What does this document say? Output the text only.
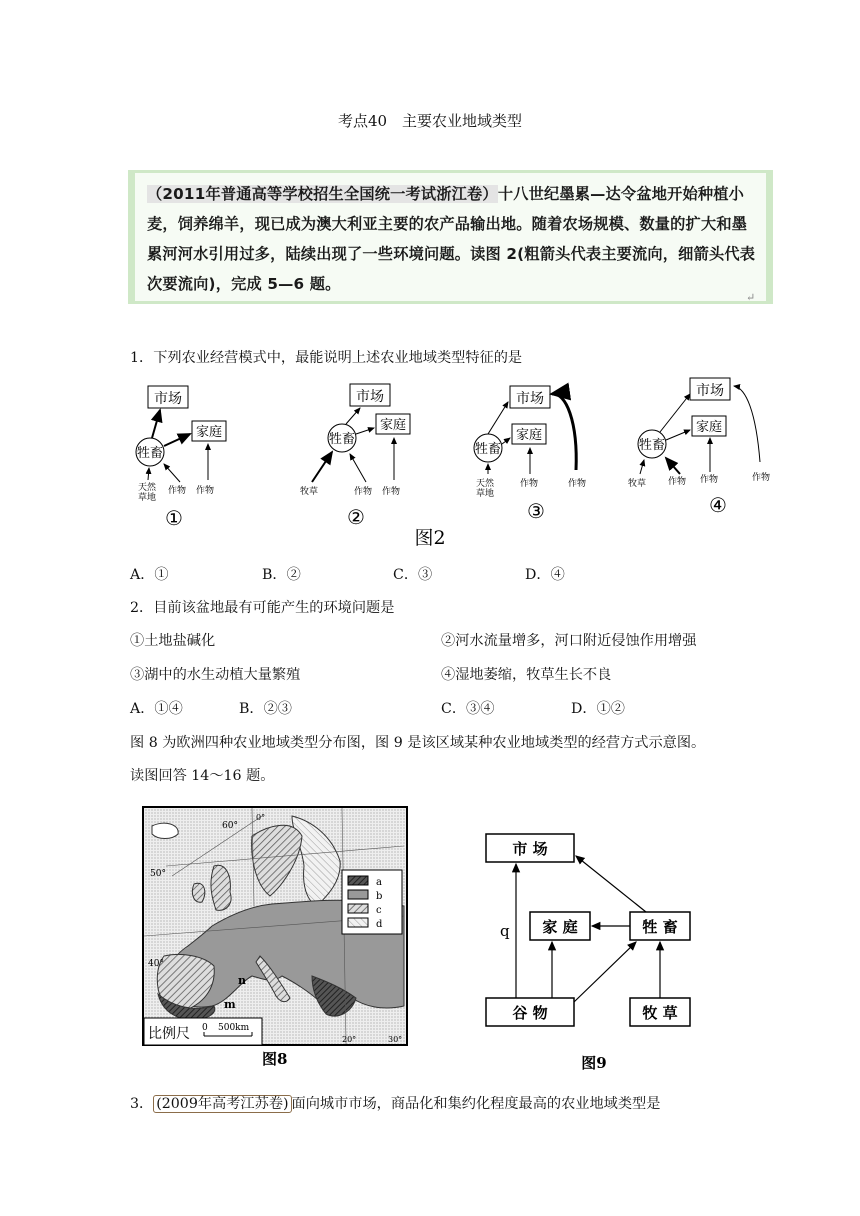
考点40　主要农业地域类型
（2011年普通高等学校招生全国统一考试浙江卷）十八世纪墨累—达令盆地开始种植小麦，饲养绵羊，现已成为澳大利亚主要的农产品输出地。随着农场规模、数量的扩大和墨累河河水引用过多，陆续出现了一些环境问题。读图 2(粗箭头代表主要流向，细箭头代表次要流向)，完成 5—6 题。
↵
1．下列农业经营模式中，最能说明上述农业地域类型特征的是
市场
家庭
牲畜
天然
草地
作物 作物
①
市场
家庭
牲畜
牧草	作物 作物
②
市场
家庭
牲畜
天然
草地
作物	作物
③
市场
家庭
牲畜
牧草 作物 作物	作物
④
图2
A．①	B．②	C．③	D．④
2．目前该盆地最有可能产生的环境问题是
①土地盐碱化	②河水流量增多，河口附近侵蚀作用增强
③湖中的水生动植大量繁殖	④湿地萎缩，牧草生长不良
A．①④	B．②③	C．③④	D．①②
图 8 为欧洲四种农业地域类型分布图，图 9 是该区域某种农业地域类型的经营方式示意图。
读图回答 14～16 题。
60°
50°
40°
0°
20°	30°
n
m
a
b
c
d
比例尺 0 500km
图8
市 场
家 庭	牲 畜
谷 物	牧 草
q
图9
3． (2009年高考江苏卷) 面向城市市场，商品化和集约化程度最高的农业地域类型是
